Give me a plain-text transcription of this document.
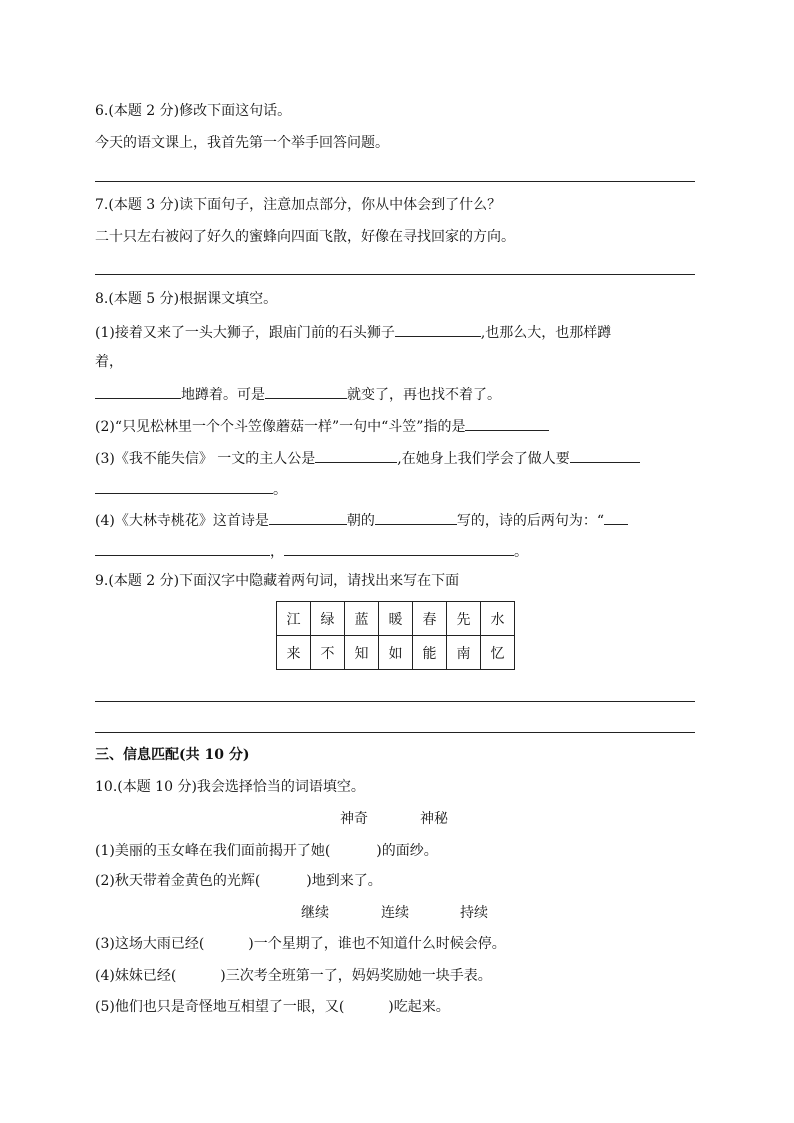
6.(本题 2 分)修改下面这句话。
今天的语文课上，我首先第一个举手回答问题。
7.(本题 3 分)读下面句子，注意加点部分，你从中体会到了什么？
二十只左右被闷了好久的蜜蜂向四面飞散，好像在寻找回家的方向。
8.(本题 5 分)根据课文填空。
(1)接着又来了一头大狮子，跟庙门前的石头狮子	,也那么大，也那样蹲
着，
地蹲着。可是	就变了，再也找不着了。
(2)“只见松林里一个个斗笠像蘑菇一样”一句中“斗笠”指的是
(3)《我不能失信》 一文的主人公是	,在她身上我们学会了做人要
。
(4)《大林寺桃花》这首诗是	朝的	写的，诗的后两句为：“
，	。
9.(本题 2 分)下面汉字中隐藏着两句词，请找出来写在下面
江	绿	蓝	暖	春	先	水
来	不	知	如	能	南	忆
三、信息匹配(共 10 分)
10.(本题 10 分)我会选择恰当的词语填空。
神奇	神秘
(1)美丽的玉女峰在我们面前揭开了她(	)的面纱。
(2)秋天带着金黄色的光辉(	)地到来了。
继续	连续	持续
(3)这场大雨已经(	)一个星期了，谁也不知道什么时候会停。
(4)妹妹已经(	)三次考全班第一了，妈妈奖励她一块手表。
(5)他们也只是奇怪地互相望了一眼，又(	)吃起来。
